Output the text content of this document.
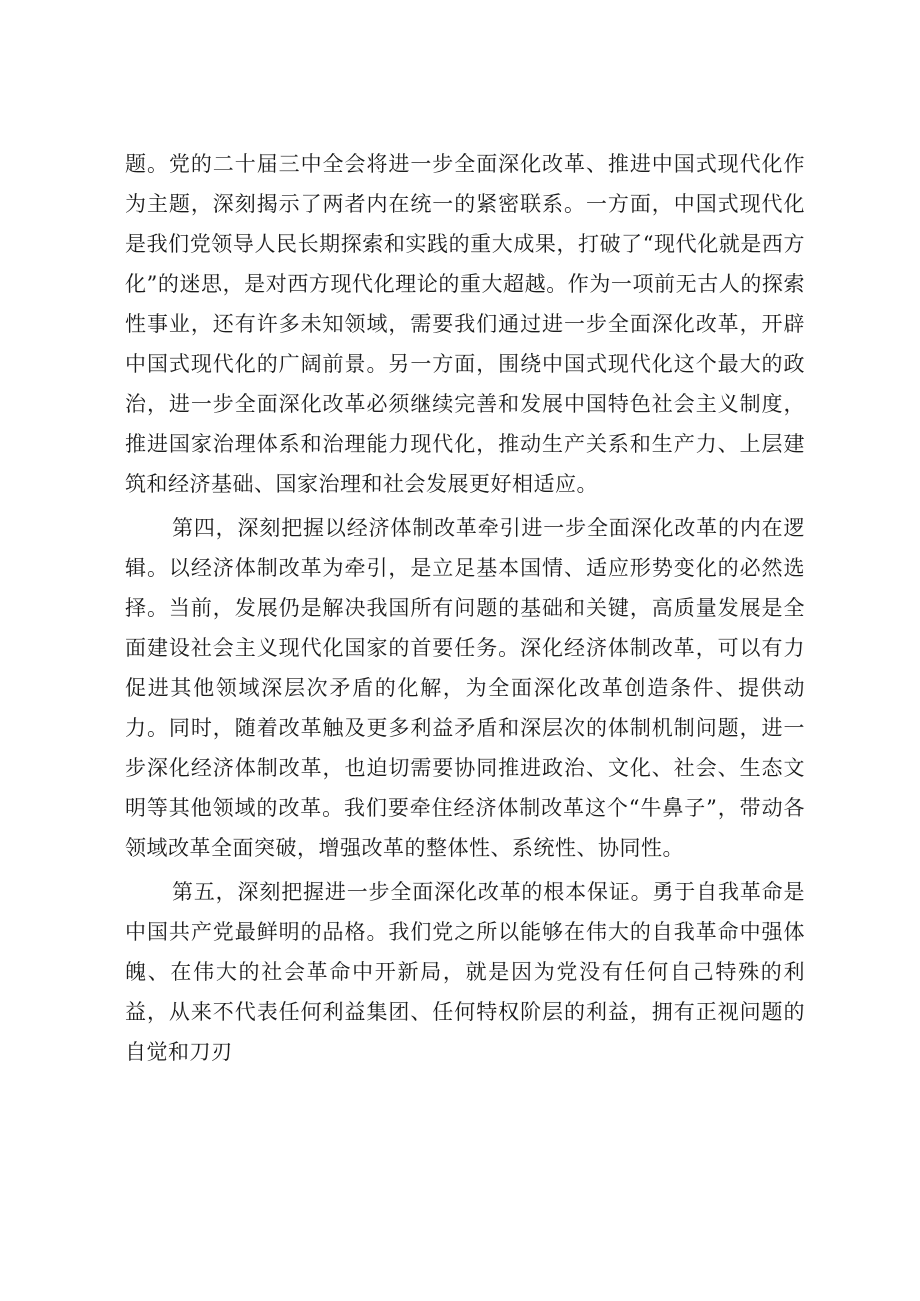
题。党的二十届三中全会将进一步全面深化改革、推进中国式现代化作为主题，深刻揭示了两者内在统一的紧密联系。一方面，中国式现代化是我们党领导人民长期探索和实践的重大成果，打破了“现代化就是西方化”的迷思，是对西方现代化理论的重大超越。作为一项前无古人的探索性事业，还有许多未知领域，需要我们通过进一步全面深化改革，开辟中国式现代化的广阔前景。另一方面，围绕中国式现代化这个最大的政治，进一步全面深化改革必须继续完善和发展中国特色社会主义制度，推进国家治理体系和治理能力现代化，推动生产关系和生产力、上层建筑和经济基础、国家治理和社会发展更好相适应。

第四，深刻把握以经济体制改革牵引进一步全面深化改革的内在逻辑。以经济体制改革为牵引，是立足基本国情、适应形势变化的必然选择。当前，发展仍是解决我国所有问题的基础和关键，高质量发展是全面建设社会主义现代化国家的首要任务。深化经济体制改革，可以有力促进其他领域深层次矛盾的化解，为全面深化改革创造条件、提供动力。同时，随着改革触及更多利益矛盾和深层次的体制机制问题，进一步深化经济体制改革，也迫切需要协同推进政治、文化、社会、生态文明等其他领域的改革。我们要牵住经济体制改革这个“牛鼻子”，带动各领域改革全面突破，增强改革的整体性、系统性、协同性。

第五，深刻把握进一步全面深化改革的根本保证。勇于自我革命是中国共产党最鲜明的品格。我们党之所以能够在伟大的自我革命中强体魄、在伟大的社会革命中开新局，就是因为党没有任何自己特殊的利益，从来不代表任何利益集团、任何特权阶层的利益，拥有正视问题的自觉和刀刃
